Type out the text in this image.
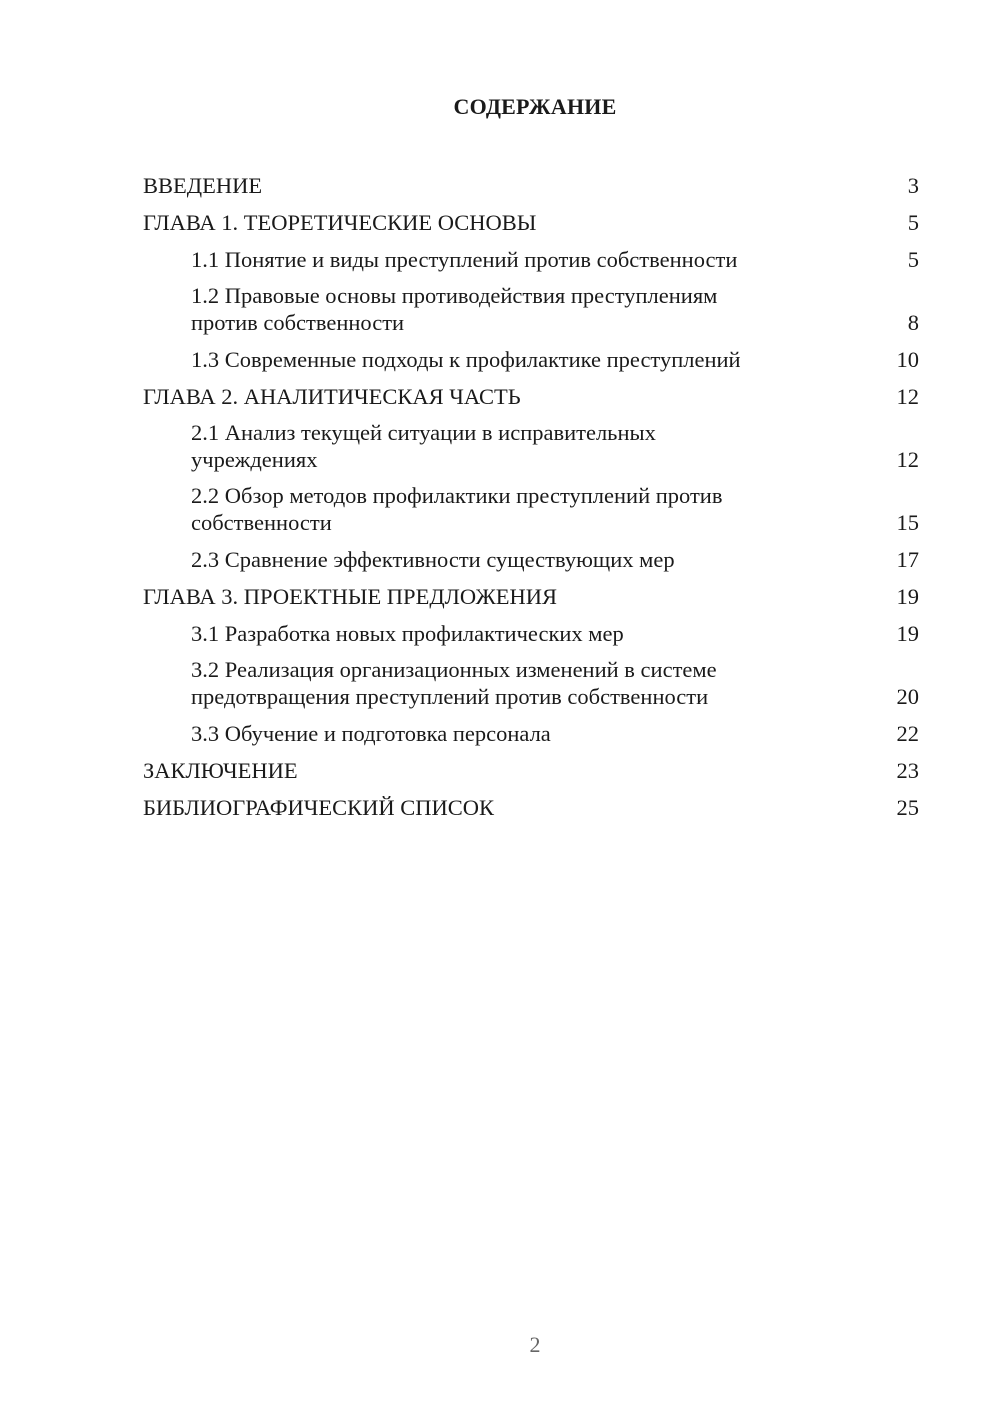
СОДЕРЖАНИЕ
ВВЕДЕНИЕ	3
ГЛАВА 1. ТЕОРЕТИЧЕСКИЕ ОСНОВЫ	5
1.1 Понятие и виды преступлений против собственности	5
1.2 Правовые основы противодействия преступлениям против собственности	8
1.3 Современные подходы к профилактике преступлений	10
ГЛАВА 2. АНАЛИТИЧЕСКАЯ ЧАСТЬ	12
2.1 Анализ текущей ситуации в исправительных учреждениях	12
2.2 Обзор методов профилактики преступлений против собственности	15
2.3 Сравнение эффективности существующих мер	17
ГЛАВА 3. ПРОЕКТНЫЕ ПРЕДЛОЖЕНИЯ	19
3.1 Разработка новых профилактических мер	19
3.2 Реализация организационных изменений в системе предотвращения преступлений против собственности	20
3.3 Обучение и подготовка персонала	22
ЗАКЛЮЧЕНИЕ	23
БИБЛИОГРАФИЧЕСКИЙ СПИСОК	25
2
